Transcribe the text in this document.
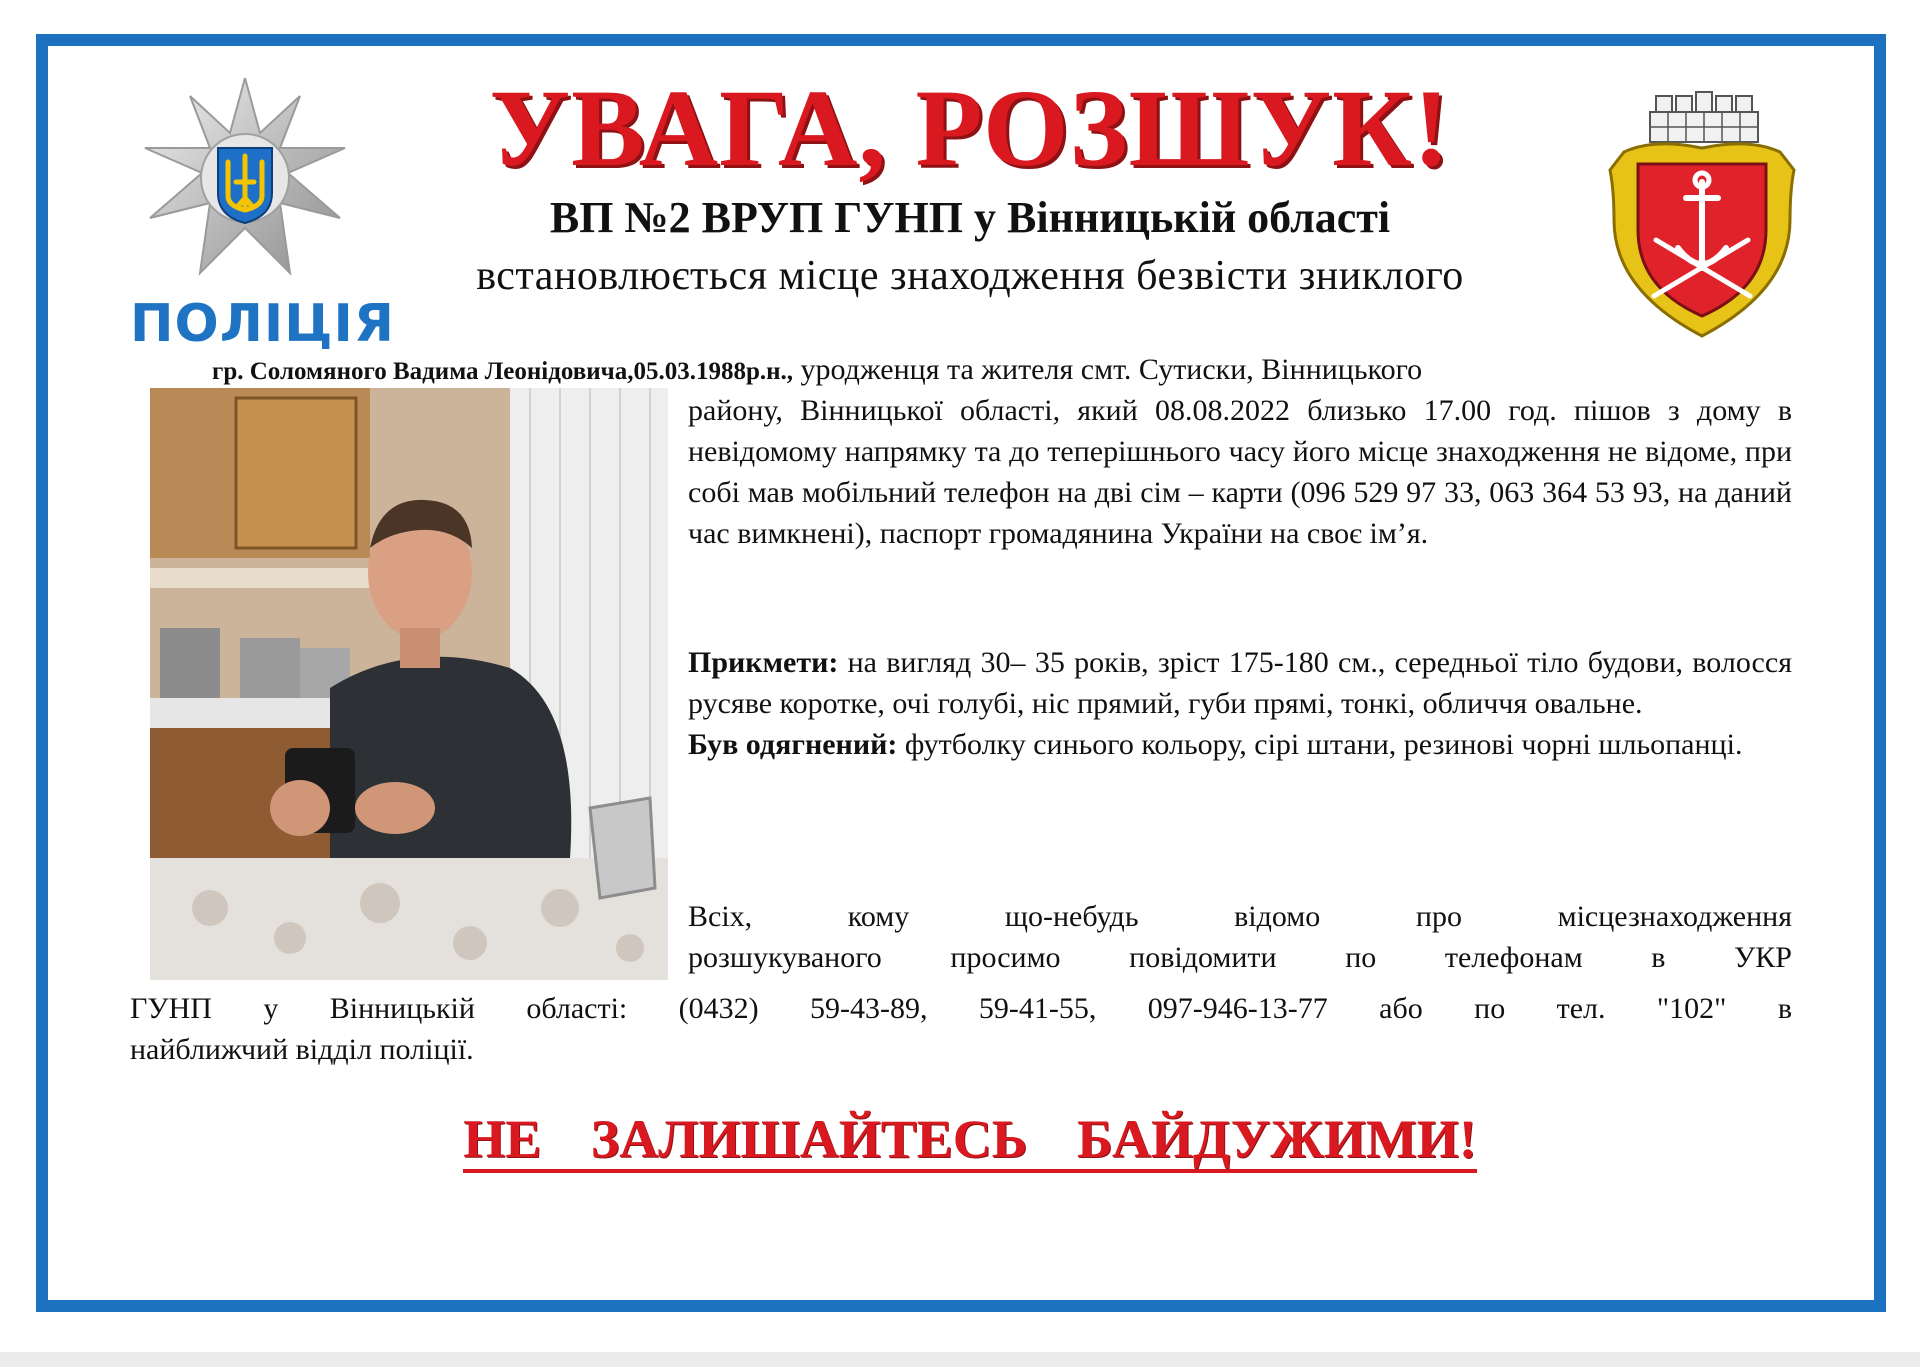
ПОЛІЦІЯ
УВАГА, РОЗШУК!
ВП №2 ВРУП ГУНП у Вінницькій області
встановлюється місце знаходження безвісти зниклого
гр. Соломяного Вадима Леонідовича,05.03.1988р.н., уродженця та жителя смт. Сутиски, Вінницького
району, Вінницької області, який 08.08.2022 близько 17.00 год. пішов з дому в невідомому напрямку та до теперішнього часу його місце знаходження не відоме, при собі мав мобільний телефон на дві сім – карти (096 529 97 33, 063 364 53 93, на даний час вимкнені), паспорт громадянина України на своє ім’я.
Прикмети: на вигляд 30– 35 років, зріст 175-180 см., середньої тіло будови, волосся русяве коротке, очі голубі, ніс прямий, губи прямі, тонкі, обличчя овальне.
Був одягнений: футболку синього кольору, сірі штани, резинові чорні шльопанці.
Всіх, кому що-небудь відомо про місцезнаходження
розшукуваного просимо повідомити по телефонам в УКР
ГУНП у Вінницькій області: (0432) 59-43-89, 59-41-55, 097-946-13-77 або по тел. "102" в
найближчий відділ поліції.
НЕ ЗАЛИШАЙТЕСЬ БАЙДУЖИМИ!
